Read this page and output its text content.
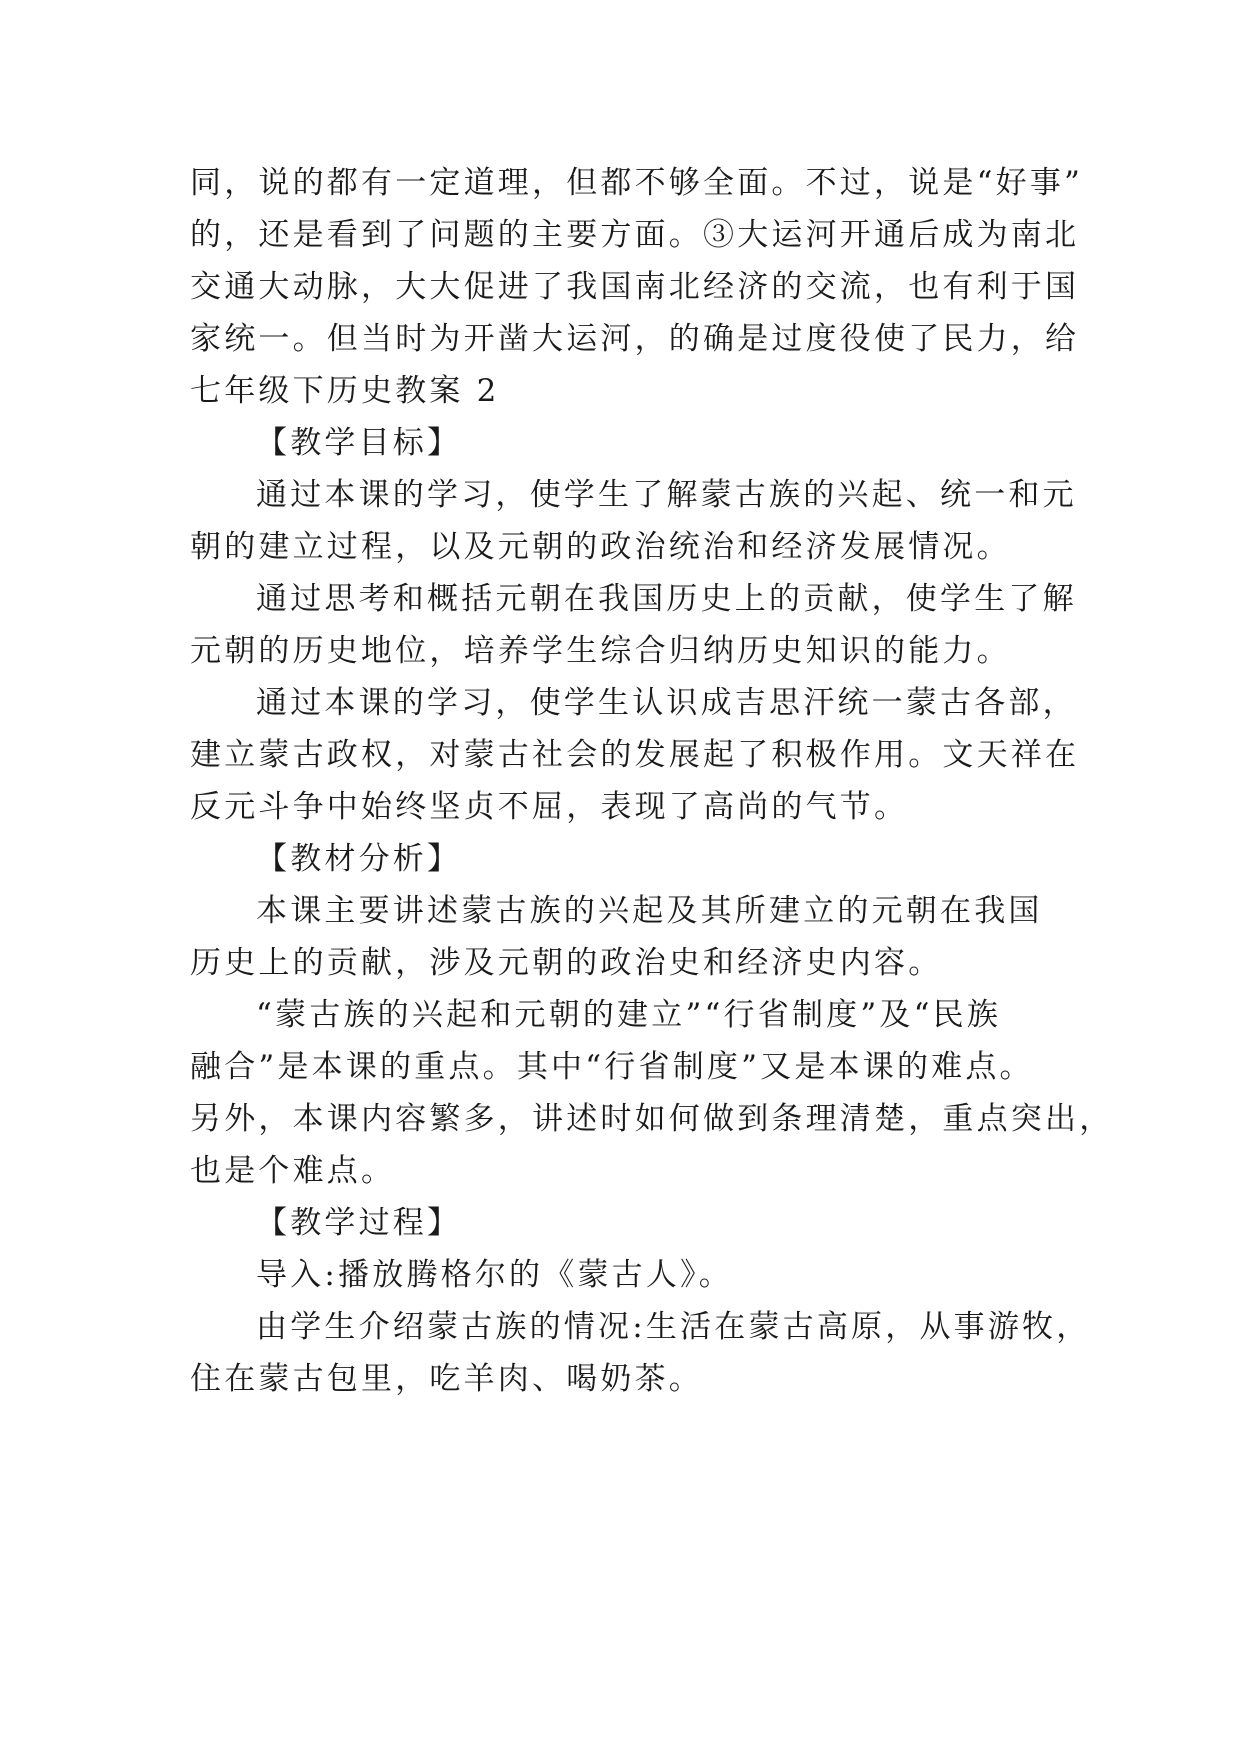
同，说的都有一定道理，但都不够全面。不过，说是“好事”
的，还是看到了问题的主要方面。③大运河开通后成为南北
交通大动脉，大大促进了我国南北经济的交流，也有利于国
家统一。但当时为开凿大运河，的确是过度役使了民力，给
七年级下历史教案 2
【教学目标】
通过本课的学习，使学生了解蒙古族的兴起、统一和元
朝的建立过程，以及元朝的政治统治和经济发展情况。
通过思考和概括元朝在我国历史上的贡献，使学生了解
元朝的历史地位，培养学生综合归纳历史知识的能力。
通过本课的学习，使学生认识成吉思汗统一蒙古各部，
建立蒙古政权，对蒙古社会的发展起了积极作用。文天祥在
反元斗争中始终坚贞不屈，表现了高尚的气节。
【教材分析】
本课主要讲述蒙古族的兴起及其所建立的元朝在我国
历史上的贡献，涉及元朝的政治史和经济史内容。
“蒙古族的兴起和元朝的建立”“行省制度”及“民族
融合”是本课的重点。其中“行省制度”又是本课的难点。
另外，本课内容繁多，讲述时如何做到条理清楚，重点突出，
也是个难点。
【教学过程】
导入:播放腾格尔的《蒙古人》。
由学生介绍蒙古族的情况:生活在蒙古高原，从事游牧，
住在蒙古包里，吃羊肉、喝奶茶。
